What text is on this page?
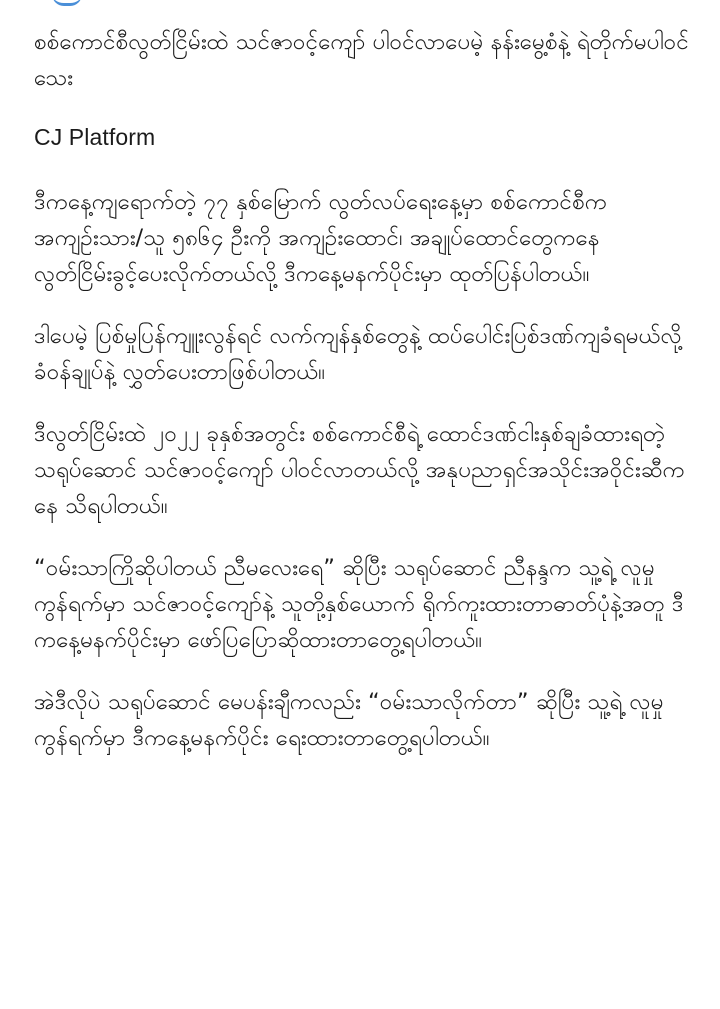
စစ်ကောင်စီလွတ်ငြိမ်းထဲ သင်ဇာဝင့်ကျော် ပါဝင်လာပေမဲ့ နန်းမွေ့စံနဲ့ ရဲတိုက်မပါဝင်သေး

CJ Platform

ဒီကနေ့ကျရောက်တဲ့ ၇၇ နှစ်မြောက် လွတ်လပ်ရေးနေ့မှာ စစ်ကောင်စီက အကျဉ်းသား/သူ ၅၈၆၄ ဦးကို အကျဉ်းထောင်၊ အချုပ်ထောင်တွေကနေ လွတ်ငြိမ်းခွင့်ပေးလိုက်တယ်လို့ ဒီကနေ့မနက်ပိုင်းမှာ ထုတ်ပြန်ပါတယ်။

ဒါပေမဲ့ ပြစ်မှုပြန်ကျူးလွန်ရင် လက်ကျန်နှစ်တွေနဲ့ ထပ်ပေါင်းပြစ်ဒဏ်ကျခံရမယ်လို့ ခံဝန်ချုပ်နဲ့ လွှတ်ပေးတာဖြစ်ပါတယ်။

ဒီလွတ်ငြိမ်းထဲ ၂၀၂၂ ခုနှစ်အတွင်း စစ်ကောင်စီရဲ့ ထောင်ဒဏ်ငါးနှစ်ချခံထားရတဲ့ သရုပ်ဆောင် သင်ဇာဝင့်ကျော် ပါဝင်လာတယ်လို့ အနုပညာရှင်အသိုင်းအဝိုင်းဆီကနေ သိရပါတယ်။

“ဝမ်းသာကြိုဆိုပါတယ် ညီမလေးရေ” ဆိုပြီး သရုပ်ဆောင် ညီနန္ဒက သူ့ရဲ့ လူမှုကွန်ရက်မှာ သင်ဇာဝင့်ကျော်နဲ့ သူတို့နှစ်ယောက် ရိုက်ကူးထားတာဓာတ်ပုံနဲ့အတူ ဒီကနေ့မနက်ပိုင်းမှာ ဖော်ပြပြောဆိုထားတာတွေ့ရပါတယ်။

အဲဒီလိုပဲ သရုပ်ဆောင် မေပန်းချီကလည်း “ဝမ်းသာလိုက်တာ” ဆိုပြီး သူ့ရဲ့ လူမှုကွန်ရက်မှာ ဒီကနေ့မနက်ပိုင်း ရေးထားတာတွေ့ရပါတယ်။
